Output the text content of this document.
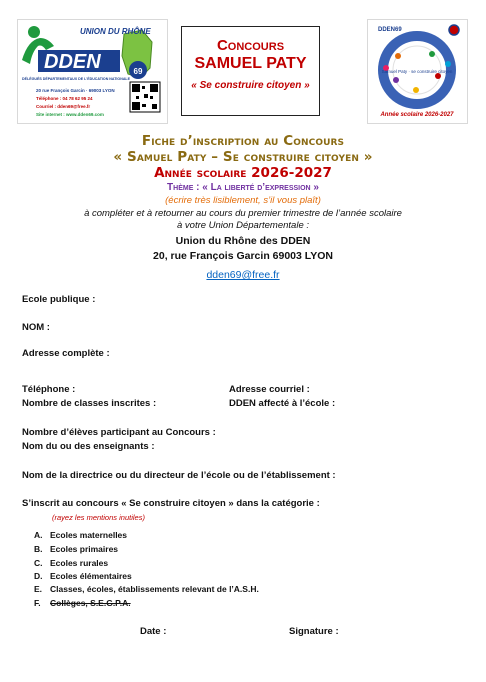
UNION DU RHÔNE
DDEN	69
DÉLÉGUÉS DÉPARTEMENTAUX DE L'ÉDUCATION NATIONALE
20 rue François Garcin · 69003 LYON
Téléphone : 04 78 62 95 24
Courriel : dden69@free.fr
Site internet : www.dden69.com
Concours
SAMUEL PATY
« Se construire citoyen »
DDEN69
Samuel Paty · se construire citoyen
Année scolaire 2026-2027
Fiche d’inscription au Concours
« Samuel Paty – Se construire citoyen »
Année scolaire 2026-2027
Thème : « La liberté d’expression »
(écrire très lisiblement, s’il vous plaît)
à compléter et à retourner au cours du premier trimestre de l’année scolaire
à votre Union Départementale :
Union du Rhône des DDEN
20, rue François Garcin 69003 LYON
dden69@free.fr
Ecole publique :
NOM :
Adresse complète :
Téléphone :	Adresse courriel :
Nombre de classes inscrites :	DDEN affecté à l’école :
Nombre d’élèves participant au Concours :
Nom du ou des enseignants :
Nom de la directrice ou du directeur de l’école ou de l’établissement :
S’inscrit au concours « Se construire citoyen » dans la catégorie :
(rayez les mentions inutiles)
A. Ecoles maternelles
B. Ecoles primaires
C. Ecoles rurales
D. Ecoles élémentaires
E. Classes, écoles, établissements relevant de l’A.S.H.
F. Collèges, S.E.G.P.A.
Date :	Signature :
